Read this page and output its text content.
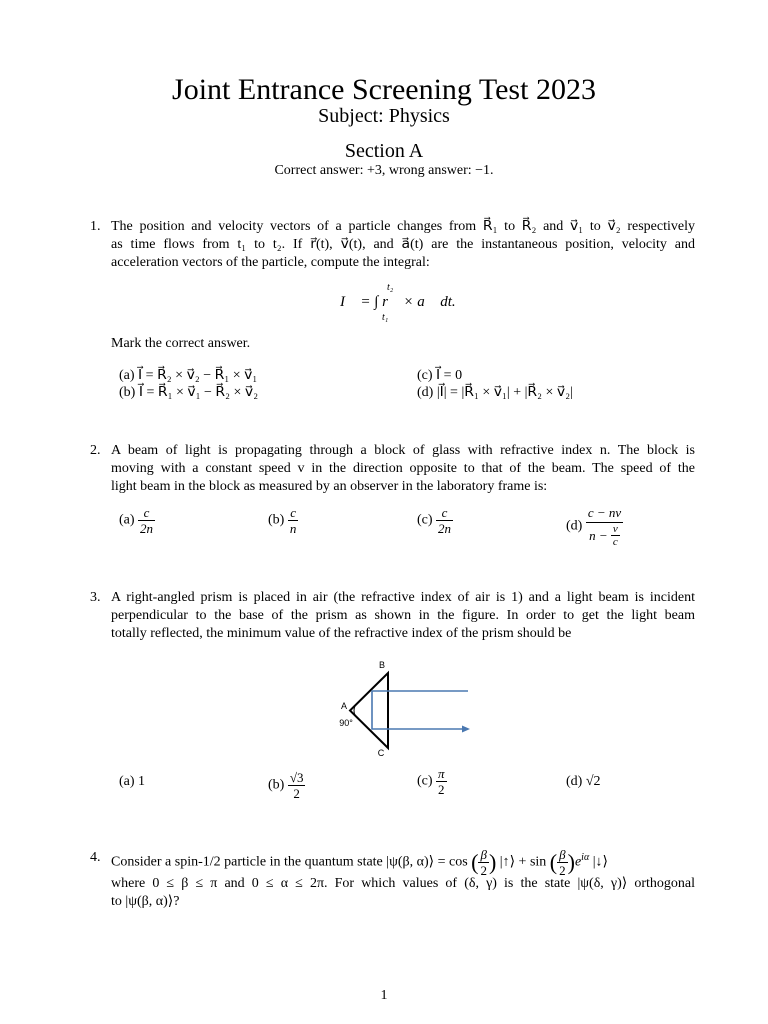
Joint Entrance Screening Test 2023
Subject: Physics
Section A
Correct answer: +3, wrong answer: −1.
1. The position and velocity vectors of a particle changes from R⃗₁ to R⃗₂ and v⃗₁ to v⃗₂ respectively
as time flows from t₁ to t₂. If r⃗(t), v⃗(t), and a⃗(t) are the instantaneous position, velocity and
acceleration vectors of the particle, compute the integral:
t₂
I⃗ = ∫ r⃗ × a⃗ dt.
t₁
Mark the correct answer.
(a) I⃗ = R⃗₂ × v⃗₂ − R⃗₁ × v⃗₁
(b) I⃗ = R⃗₁ × v⃗₁ − R⃗₂ × v⃗₂
(c) I⃗ = 0
(d) |I⃗| = |R⃗₁ × v⃗₁| + |R⃗₂ × v⃗₂|
2. A beam of light is propagating through a block of glass with refractive index n. The block is
moving with a constant speed v in the direction opposite to that of the beam. The speed of the
light beam in the block as measured by an observer in the laboratory frame is:
$(a) \frac{c}{2n}$	$(b) \frac{c}{n}$	$(c) \frac{c}{2n}$	$(d) \frac{c - nv}{n - \frac{v}{c}}$
3. A right-angled prism is placed in air (the refractive index of air is 1) and a light beam is incident
perpendicular to the base of the prism as shown in the figure. In order to get the light beam
totally reflected, the minimum value of the refractive index of the prism should be
B
A
90°
C
(a) 1	$(b) \frac{√3}{2}$	$(c) \frac{\pi}{2}$	(d) √2
4. Consider a spin-1/2 particle in the quantum state |ψ(β, α)⟩ = cos ( $\frac{\beta}{2}$ ) |↑⟩ + sin ( $\frac{\beta}{2} )e^{i\alpha}$ |↓⟩
where 0 ≤ β ≤ π and 0 ≤ α ≤ 2π. For which values of (δ, γ) is the state |ψ(δ, γ)⟩ orthogonal
to |ψ(β, α)⟩?
1
